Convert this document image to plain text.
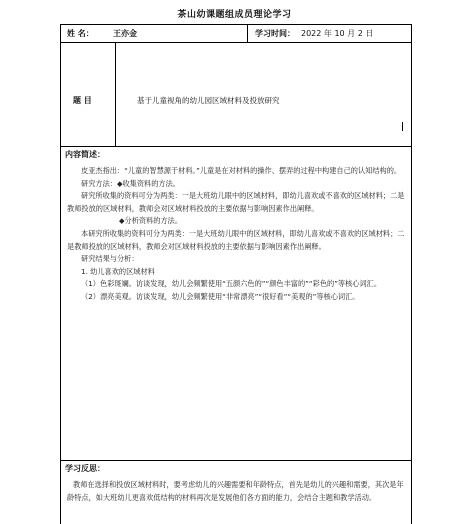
茶山幼课题组成员理论学习
姓 名： 王亦金	学习时间： 2022 年 10 月 2 日
题 目	基于儿童视角的幼儿园区域材料及投放研究
内容简述：
皮亚杰指出：“儿童的智慧源于材料。”儿童是在对材料的操作、摆弄的过程中构建自己的认知结构的。
研究方法：◆收集资料的方法。
研究所收集的资料可分为两类：一是大班幼儿眼中的区域材料，即幼儿喜欢或不喜欢的区域材料；二是教师投放的区域材料，教师会对区域材料投放的主要依据与影响因素作出阐释。
◆分析资料的方法。
本研究所收集的资料可分为两类：一是大班幼儿眼中的区域材料，即幼儿喜欢或不喜欢的区域材料；二是教师投放的区域材料，教师会对区域材料投放的主要依据与影响因素作出阐释。
研究结果与分析：
1. 幼儿喜欢的区域材料
（1）色彩斑斓。访谈发现，幼儿会频繁使用“五颜六色的”“颜色丰富的”“彩色的”等核心词汇。
（2）漂亮美观。访谈发现，幼儿会频繁使用“非常漂亮”“很好看”“美观的”等核心词汇。
学习反思：
教师在选择和投放区域材料时，要考虑幼儿的兴趣需要和年龄特点，首先是幼儿的兴趣和需要，其次是年龄特点，如大班幼儿更喜欢低结构的材料再次是发展他们各方面的能力，会结合主题和教学活动。
